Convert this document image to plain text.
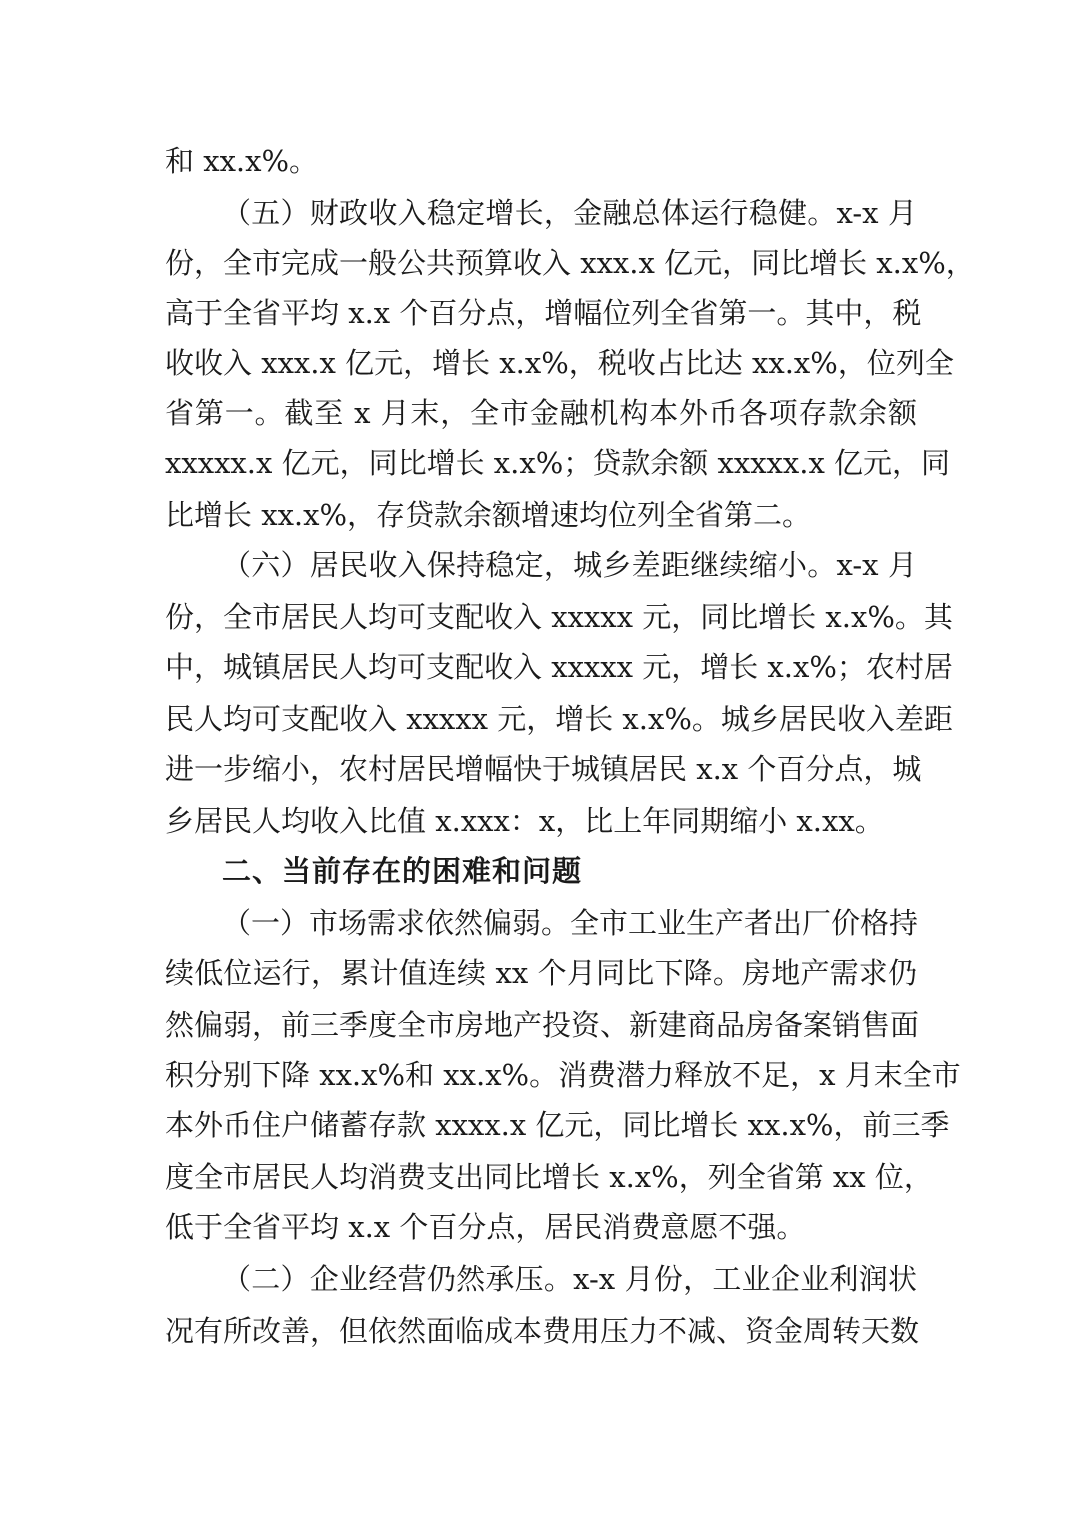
和 xx.x%。
（五）财政收入稳定增长，金融总体运行稳健。x-x 月
份，全市完成一般公共预算收入 xxx.x 亿元，同比增长 x.x%，
高于全省平均 x.x 个百分点，增幅位列全省第一。其中，税
收收入 xxx.x 亿元，增长 x.x%，税收占比达 xx.x%，位列全
省第一。截至 x 月末，全市金融机构本外币各项存款余额
xxxxx.x 亿元，同比增长 x.x%；贷款余额 xxxxx.x 亿元，同
比增长 xx.x%，存贷款余额增速均位列全省第二。
（六）居民收入保持稳定，城乡差距继续缩小。x-x 月
份，全市居民人均可支配收入 xxxxx 元，同比增长 x.x%。其
中，城镇居民人均可支配收入 xxxxx 元，增长 x.x%；农村居
民人均可支配收入 xxxxx 元，增长 x.x%。城乡居民收入差距
进一步缩小，农村居民增幅快于城镇居民 x.x 个百分点，城
乡居民人均收入比值 x.xxx：x，比上年同期缩小 x.xx。
二、当前存在的困难和问题
（一）市场需求依然偏弱。全市工业生产者出厂价格持
续低位运行，累计值连续 xx 个月同比下降。房地产需求仍
然偏弱，前三季度全市房地产投资、新建商品房备案销售面
积分别下降 xx.x%和 xx.x%。消费潜力释放不足，x 月末全市
本外币住户储蓄存款 xxxx.x 亿元，同比增长 xx.x%，前三季
度全市居民人均消费支出同比增长 x.x%，列全省第 xx 位，
低于全省平均 x.x 个百分点，居民消费意愿不强。
（二）企业经营仍然承压。x-x 月份，工业企业利润状
况有所改善，但依然面临成本费用压力不减、资金周转天数
